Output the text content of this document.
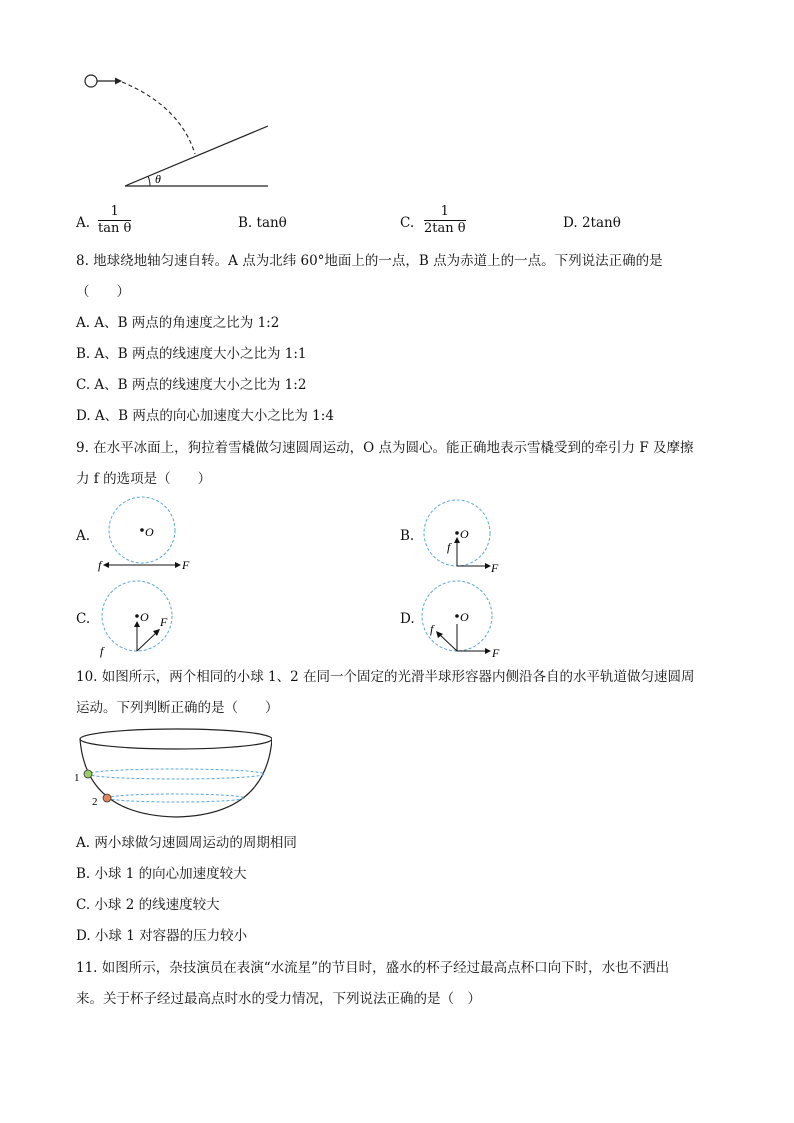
θ
A. $\frac{1}{\text{tan θ}}$	B. tanθ	C. $\frac{1}{\text{2tan θ}}$	D. 2tanθ
8. 地球绕地轴匀速自转。A 点为北纬 60°地面上的一点，B 点为赤道上的一点。下列说法正确的是
（　　）
A. A、B 两点的角速度之比为 1:2
B. A、B 两点的线速度大小之比为 1:1
C. A、B 两点的线速度大小之比为 1:2
D. A、B 两点的向心加速度大小之比为 1:4
9. 在水平冰面上，狗拉着雪橇做匀速圆周运动，O 点为圆心。能正确地表示雪橇受到的牵引力 F 及摩擦
力 f 的选项是（　　）
A.	O
f	F
B.	O
f
F
C.	O F
f
D.	O
F
f
10. 如图所示，两个相同的小球 1、2 在同一个固定的光滑半球形容器内侧沿各自的水平轨道做匀速圆周
运动。下列判断正确的是（　　）
1
2
A. 两小球做匀速圆周运动的周期相同
B. 小球 1 的向心加速度较大
C. 小球 2 的线速度较大
D. 小球 1 对容器的压力较小
11. 如图所示，杂技演员在表演“水流星”的节目时，盛水的杯子经过最高点杯口向下时，水也不洒出
来。关于杯子经过最高点时水的受力情况，下列说法正确的是（　）
